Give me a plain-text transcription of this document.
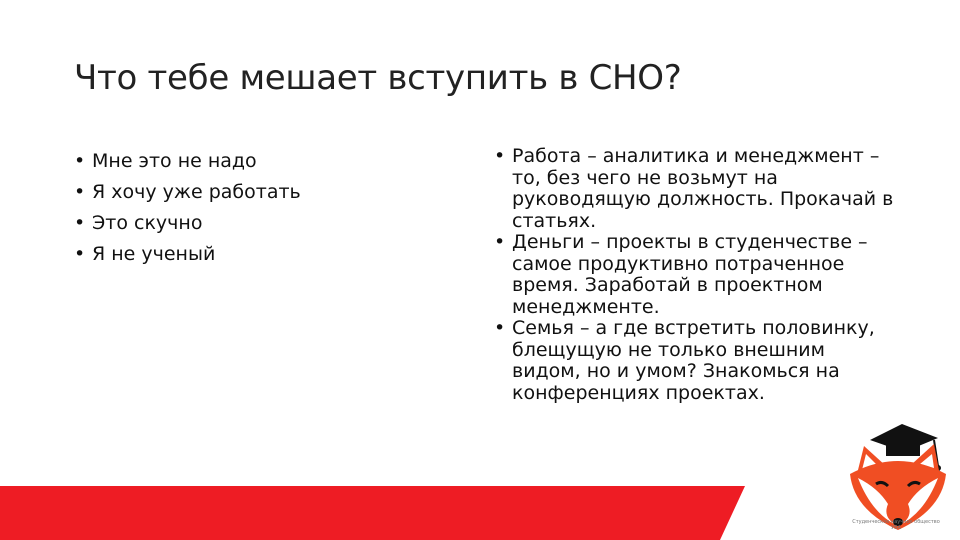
Что тебе мешает вступить в СНО?
• Мне это не надо
• Я хочу уже работать
• Это скучно
• Я не ученый
• Работа – аналитика и менеджмент – то, без чего не возьмут на руководящую должность. Прокачай в статьях.
• Деньги – проекты в студенчестве – самое продуктивно потраченное время. Заработай в проектном менеджменте.
• Семья – а где встретить половинку, блещущую не только внешним видом, но и умом? Знакомься на конференциях проектах.
Студенческое научное общество
УВА
